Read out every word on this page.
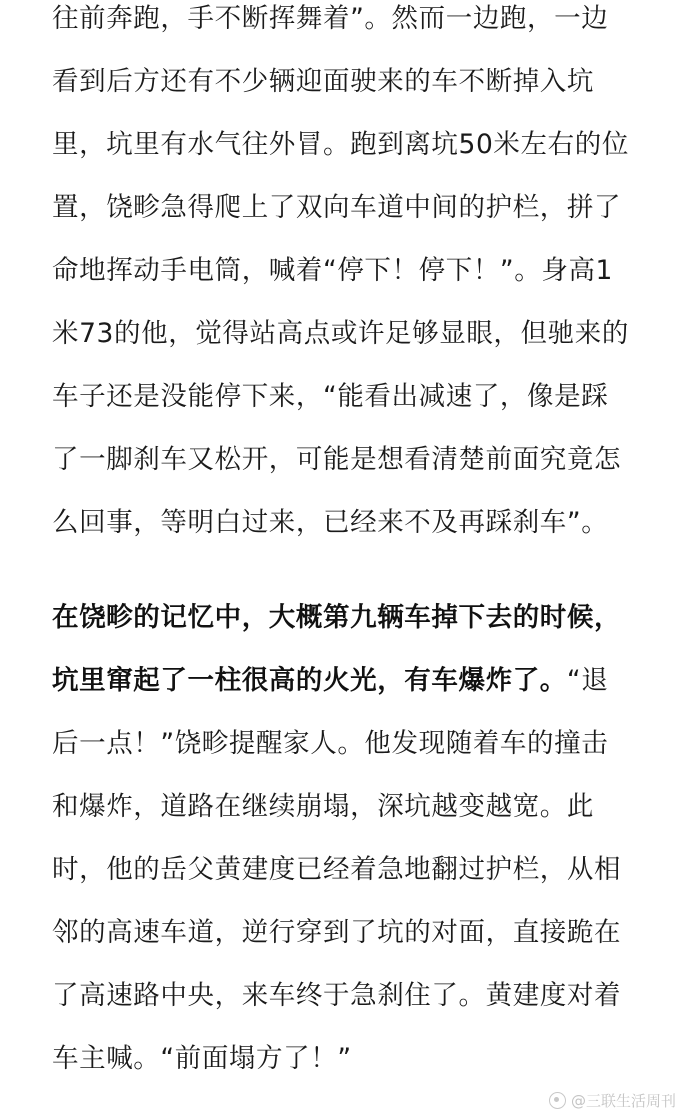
往前奔跑，手不断挥舞着”。然而一边跑，一边
看到后方还有不少辆迎面驶来的车不断掉入坑
里，坑里有水气往外冒。跑到离坑50米左右的位
置，饶畛急得爬上了双向车道中间的护栏，拼了
命地挥动手电筒，喊着“停下！停下！”。身高1
米73的他，觉得站高点或许足够显眼，但驰来的
车子还是没能停下来，“能看出减速了，像是踩
了一脚刹车又松开，可能是想看清楚前面究竟怎
么回事，等明白过来，已经来不及再踩刹车”。
在饶畛的记忆中，大概第九辆车掉下去的时候，
坑里窜起了一柱很高的火光，有车爆炸了。“退
后一点！”饶畛提醒家人。他发现随着车的撞击
和爆炸，道路在继续崩塌，深坑越变越宽。此
时，他的岳父黄建度已经着急地翻过护栏，从相
邻的高速车道，逆行穿到了坑的对面，直接跪在
了高速路中央，来车终于急刹住了。黄建度对着
车主喊。“前面塌方了！”
@三联生活周刊
